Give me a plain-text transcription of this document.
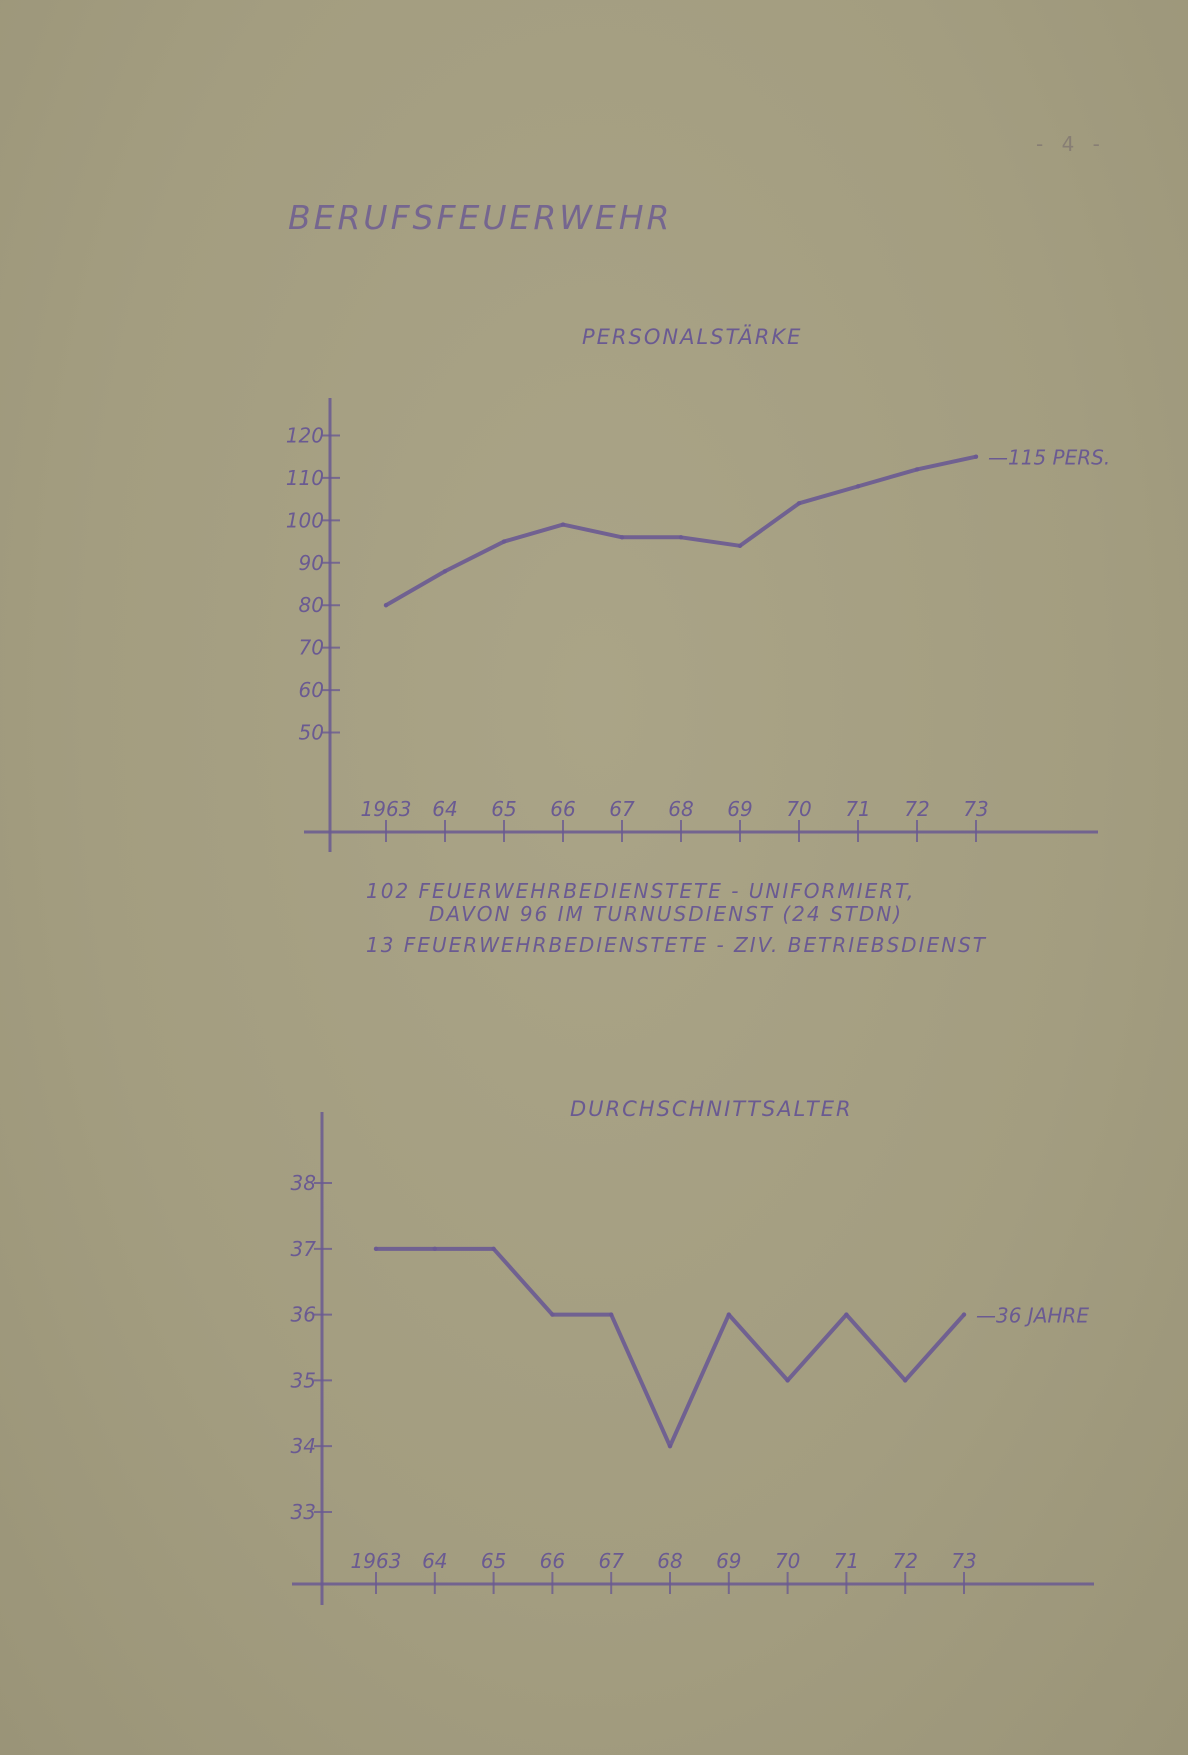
- 4 -
BERUFSFEUERWEHR
PERSONALSTÄRKE
50
60
70
80
90
100
110
120
1963 64 65 66 67 68 69 70 71 72 73
—115 PERS.
102 FEUERWEHRBEDIENSTETE - UNIFORMIERT,
DAVON 96 IM TURNUSDIENST (24 STDN)
13 FEUERWEHRBEDIENSTETE - ZIV. BETRIEBSDIENST
DURCHSCHNITTSALTER
33
34
35
36
37
38
1963 64 65 66 67 68 69 70 71 72 73
—36 JAHRE
